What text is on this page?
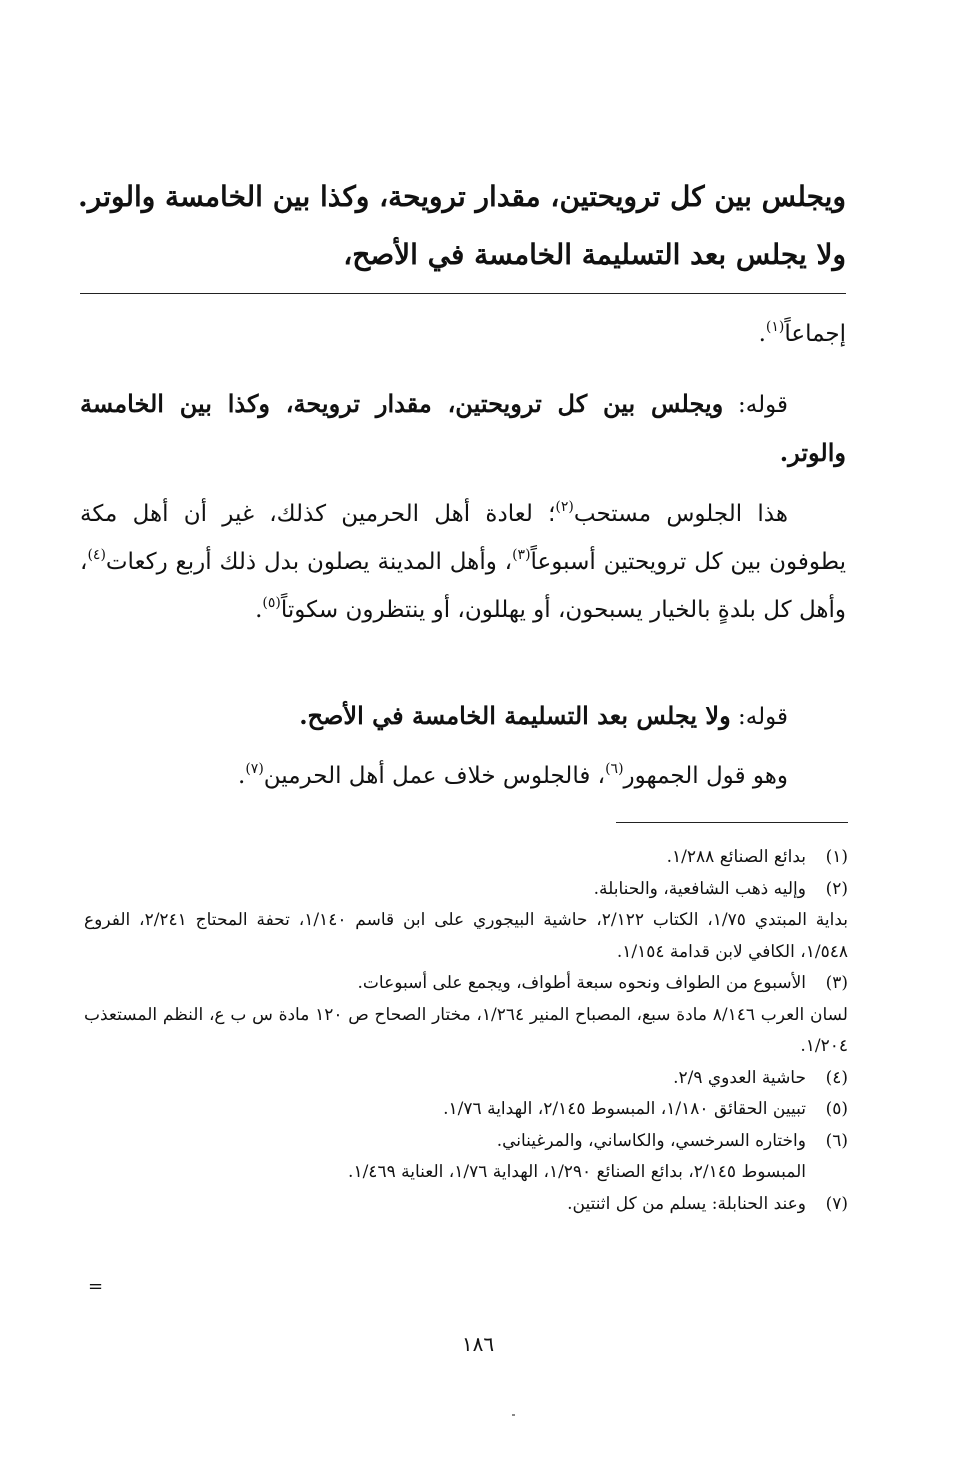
ويجلس بين كل ترويحتين، مقدار ترويحة، وكذا بين الخامسة والوتر.
ولا يجلس بعد التسليمة الخامسة في الأصح،
إجماعاً$^{(١)}$.
قوله: ويجلس بين كل ترويحتين، مقدار ترويحة، وكذا بين الخامسة والوتر.
هذا الجلوس مستحب$^{(٢)}$؛ لعادة أهل الحرمين كذلك، غير أن أهل مكة يطوفون بين كل ترويحتين أسبوعاً$^{(٣)}$، وأهل المدينة يصلون بدل ذلك أربع ركعات$^{(٤)}$، وأهل كل بلدةٍ بالخيار يسبحون، أو يهللون، أو ينتظرون سكوتاً$^{(٥)}$.
قوله: ولا يجلس بعد التسليمة الخامسة في الأصح.
وهو قول الجمهور$^{(٦)}$، فالجلوس خلاف عمل أهل الحرمين$^{(٧)}$.
(١)بدائع الصنائع ١/٢٨٨.
(٢)وإليه ذهب الشافعية، والحنابلة.
بداية المبتدي ١/٧٥، الكتاب ٢/١٢٢، حاشية البيجوري على ابن قاسم ١/١٤٠، تحفة المحتاج ٢/٢٤١، الفروع ١/٥٤٨، الكافي لابن قدامة ١/١٥٤.
(٣)الأسبوع من الطواف ونحوه سبعة أطواف، ويجمع على أسبوعات.
لسان العرب ٨/١٤٦ مادة سبع، المصباح المنير ١/٢٦٤، مختار الصحاح ص ١٢٠ مادة س ب ع، النظم المستعذب ١/٢٠٤.
(٤)حاشية العدوي ٢/٩.
(٥)تبيين الحقائق ١/١٨٠، المبسوط ٢/١٤٥، الهداية ١/٧٦.
(٦)واختاره السرخسي، والكاساني، والمرغيناني.
المبسوط ٢/١٤٥، بدائع الصنائع ١/٢٩٠، الهداية ١/٧٦، العناية ١/٤٦٩.
(٧)وعند الحنابلة: يسلم من كل اثنتين.
=
١٨٦
